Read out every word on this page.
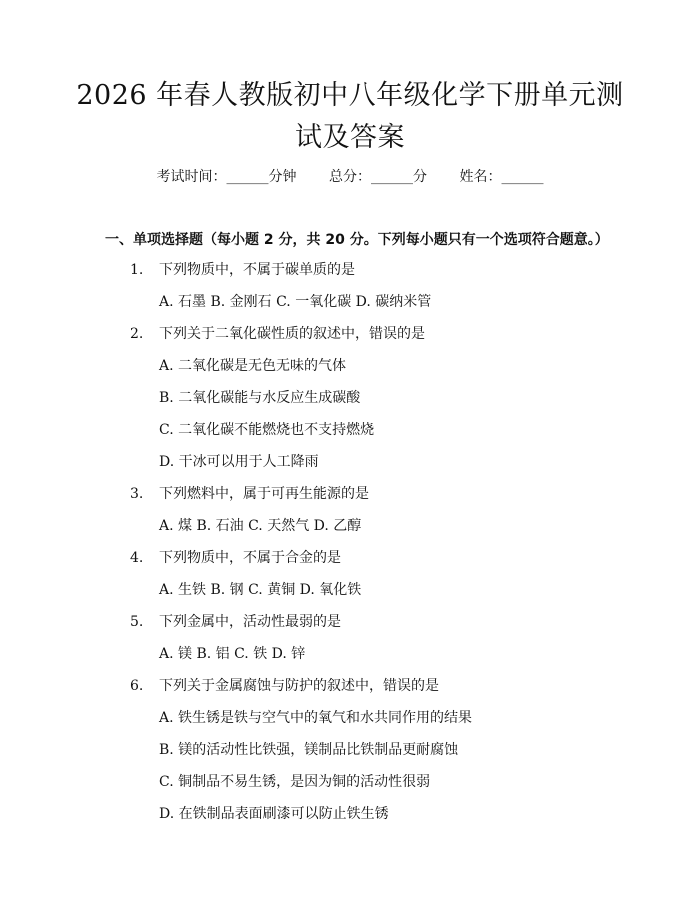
2026 年春人教版初中八年级化学下册单元测
试及答案
考试时间：______分钟 总分：______分 姓名：______
一、单项选择题（每小题 2 分，共 20 分。下列每小题只有一个选项符合题意。）
1. 下列物质中，不属于碳单质的是
A. 石墨 B. 金刚石 C. 一氧化碳 D. 碳纳米管
2. 下列关于二氧化碳性质的叙述中，错误的是
A. 二氧化碳是无色无味的气体
B. 二氧化碳能与水反应生成碳酸
C. 二氧化碳不能燃烧也不支持燃烧
D. 干冰可以用于人工降雨
3. 下列燃料中，属于可再生能源的是
A. 煤 B. 石油 C. 天然气 D. 乙醇
4. 下列物质中，不属于合金的是
A. 生铁 B. 钢 C. 黄铜 D. 氧化铁
5. 下列金属中，活动性最弱的是
A. 镁 B. 铝 C. 铁 D. 锌
6. 下列关于金属腐蚀与防护的叙述中，错误的是
A. 铁生锈是铁与空气中的氧气和水共同作用的结果
B. 镁的活动性比铁强，镁制品比铁制品更耐腐蚀
C. 铜制品不易生锈，是因为铜的活动性很弱
D. 在铁制品表面刷漆可以防止铁生锈
